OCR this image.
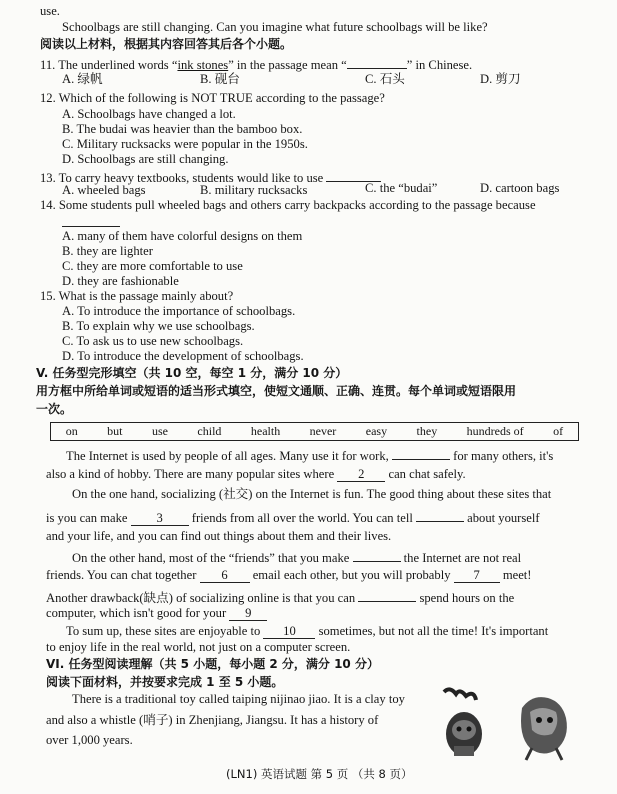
use.
Schoolbags are still changing. Can you imagine what future schoolbags will be like?
阅读以上材料，根据其内容回答其后各个小题。
11. The underlined words “ink stones” in the passage mean “	” in Chinese.
A. 绿帆	B. 砚台	C. 石头	D. 剪刀
12. Which of the following is NOT TRUE according to the passage?
A. Schoolbags have changed a lot.
B. The budai was heavier than the bamboo box.
C. Military rucksacks were popular in the 1950s.
D. Schoolbags are still changing.
13. To carry heavy textbooks, students would like to use
A. wheeled bags	B. military rucksacks	C. the “budai”	D. cartoon bags
14. Some students pull wheeled bags and others carry backpacks according to the passage because
A. many of them have colorful designs on them
B. they are lighter
C. they are more comfortable to use
D. they are fashionable
15. What is the passage mainly about?
A. To introduce the importance of schoolbags.
B. To explain why we use schoolbags.
C. To ask us to use new schoolbags.
D. To introduce the development of schoolbags.
V. 任务型完形填空（共 10 空，每空 1 分，满分 10 分）
用方框中所给单词或短语的适当形式填空，使短文通顺、正确、连贯。每个单词或短语限用
一次。
on but use child health never easy they hundreds of of
The Internet is used by people of all ages. Many use it for work,	for many others, it's
also a kind of hobby. There are many popular sites where 2 can chat safely.
On the one hand, socializing (社交) on the Internet is fun. The good thing about these sites that
is you can make 3 friends from all over the world. You can tell	about yourself
and your life, and you can find out things about them and their lives.
On the other hand, most of the “friends” that you make	the Internet are not real
friends. You can chat together 6 email each other, but you will probably 7 meet!
Another drawback(缺点) of socializing online is that you can	spend hours on the
computer, which isn't good for your 9
To sum up, these sites are enjoyable to 10 sometimes, but not all the time! It's important
to enjoy life in the real world, not just on a computer screen.
VI. 任务型阅读理解（共 5 小题，每小题 2 分，满分 10 分）
阅读下面材料，并按要求完成 1 至 5 小题。
There is a traditional toy called taiping nijinao jiao. It is a clay toy
and also a whistle (哨子) in Zhenjiang, Jiangsu. It has a history of
over 1,000 years.
(LN1) 英语试题 第 5 页 （共 8 页）
